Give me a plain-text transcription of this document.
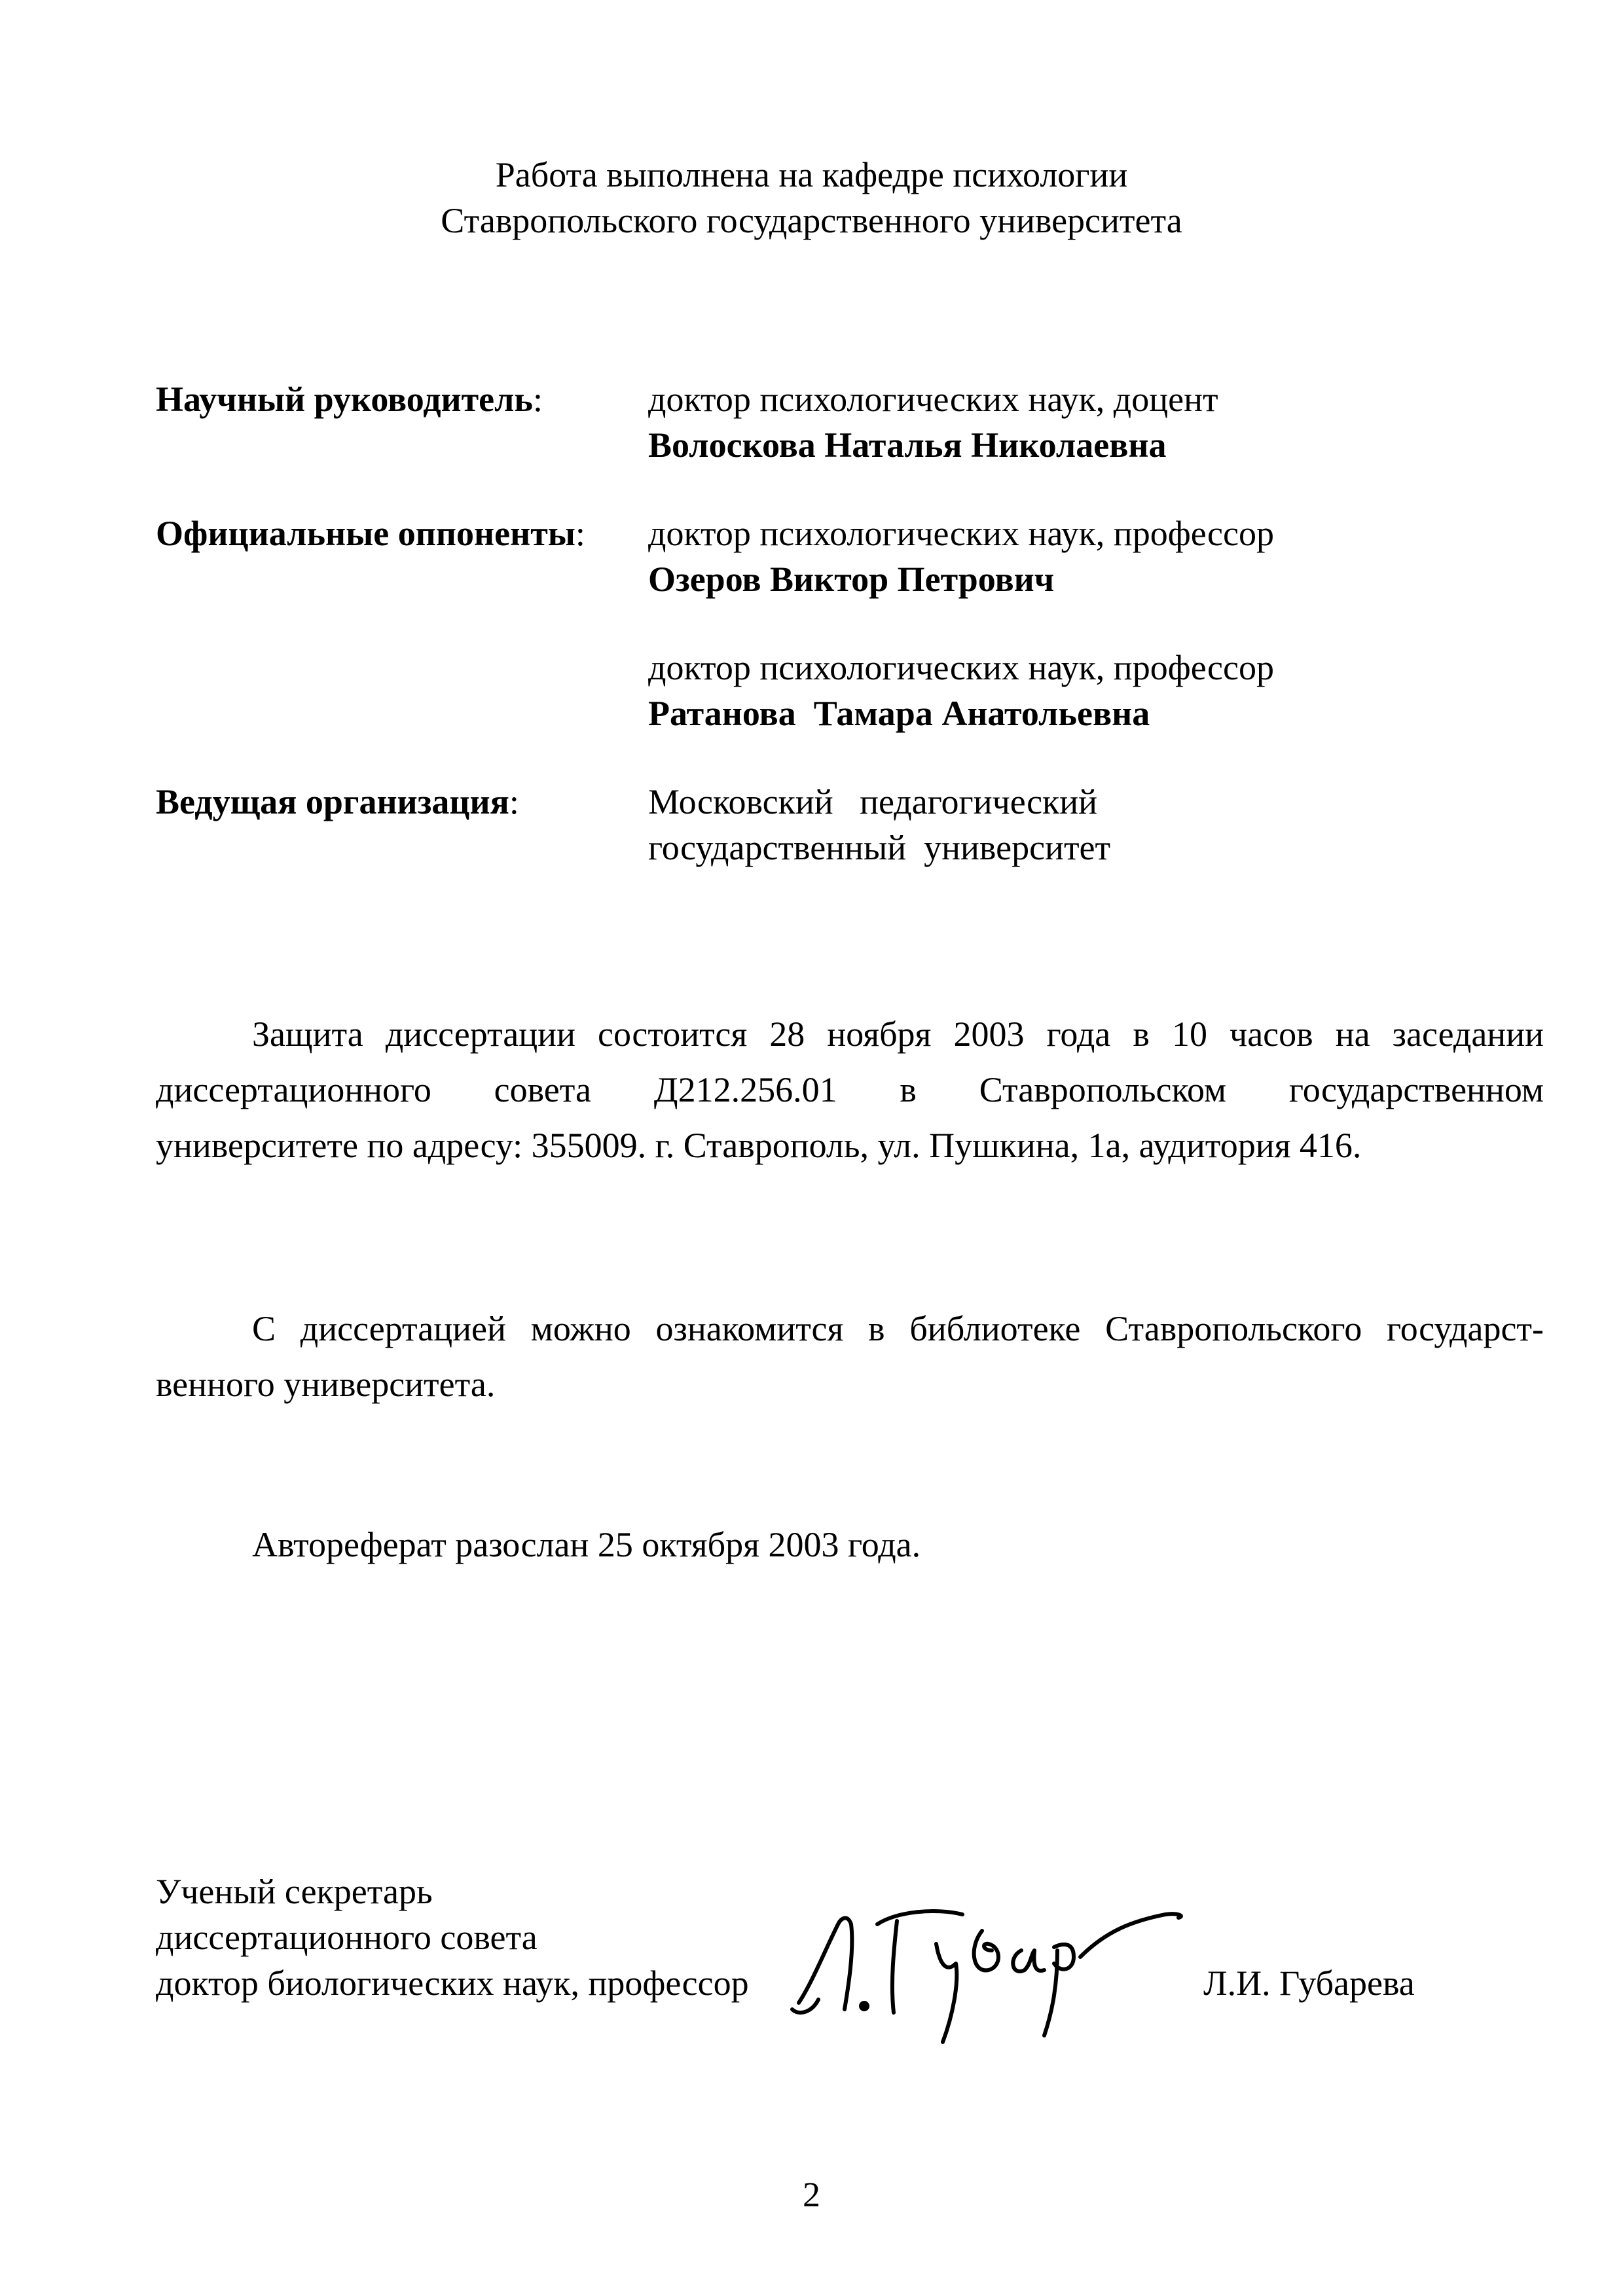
Работа выполнена на кафедре психологии
Ставропольского государственного университета
Научный руководитель:	доктор психологических наук, доцент
Волоскова Наталья Николаевна
Официальные оппоненты: доктор психологических наук, профессор
Озеров Виктор Петрович
доктор психологических наук, профессор
Ратанова  Тамара Анатольевна
Ведущая организация:	Московский   педагогический
государственный  университет
Защита диссертации состоится 28 ноября 2003 года в 10 часов на заседании
диссертационного совета Д212.256.01 в Ставропольском государственном
университете по адресу: 355009. г. Ставрополь, ул. Пушкина, 1а, аудитория 416.
С диссертацией можно ознакомится в библиотеке Ставропольского государст-
венного университета.
Автореферат разослан 25 октября 2003 года.
Ученый секретарь
диссертационного совета
доктор биологических наук, профессор	Л.И. Губарева
2
